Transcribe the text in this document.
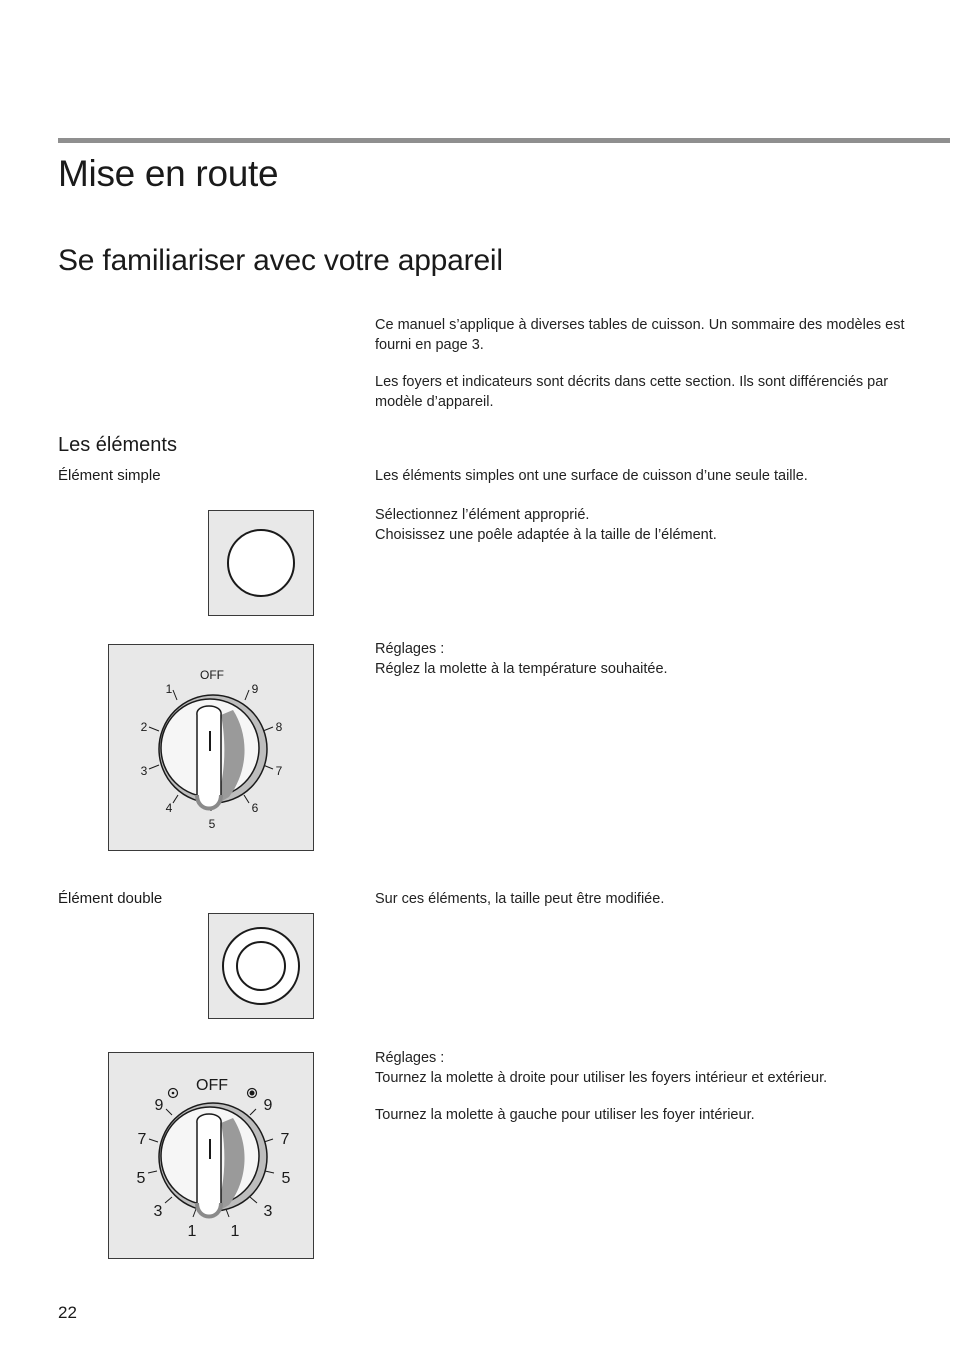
Mise en route
Se familiariser avec votre appareil
Ce manuel s’applique à diverses tables de cuisson. Un sommaire des modèles est
fourni en page 3.
Les foyers et indicateurs sont décrits dans cette section. Ils sont différenciés par
modèle d’appareil.
Les éléments
Élément simple	Les éléments simples ont une surface de cuisson d’une seule taille.
Sélectionnez l’élément approprié.
Choisissez une poêle adaptée à la taille de l’élément.
Réglages :
Réglez la molette à la température souhaitée.
OFF
1
2
3
4
5
6
7
8
9
Élément double	Sur ces éléments, la taille peut être modifiée.
Réglages :
Tournez la molette à droite pour utiliser les foyers intérieur et extérieur.
Tournez la molette à gauche pour utiliser les foyer intérieur.
OFF
9
7
5
3
1
9
7
5
3
1
22
